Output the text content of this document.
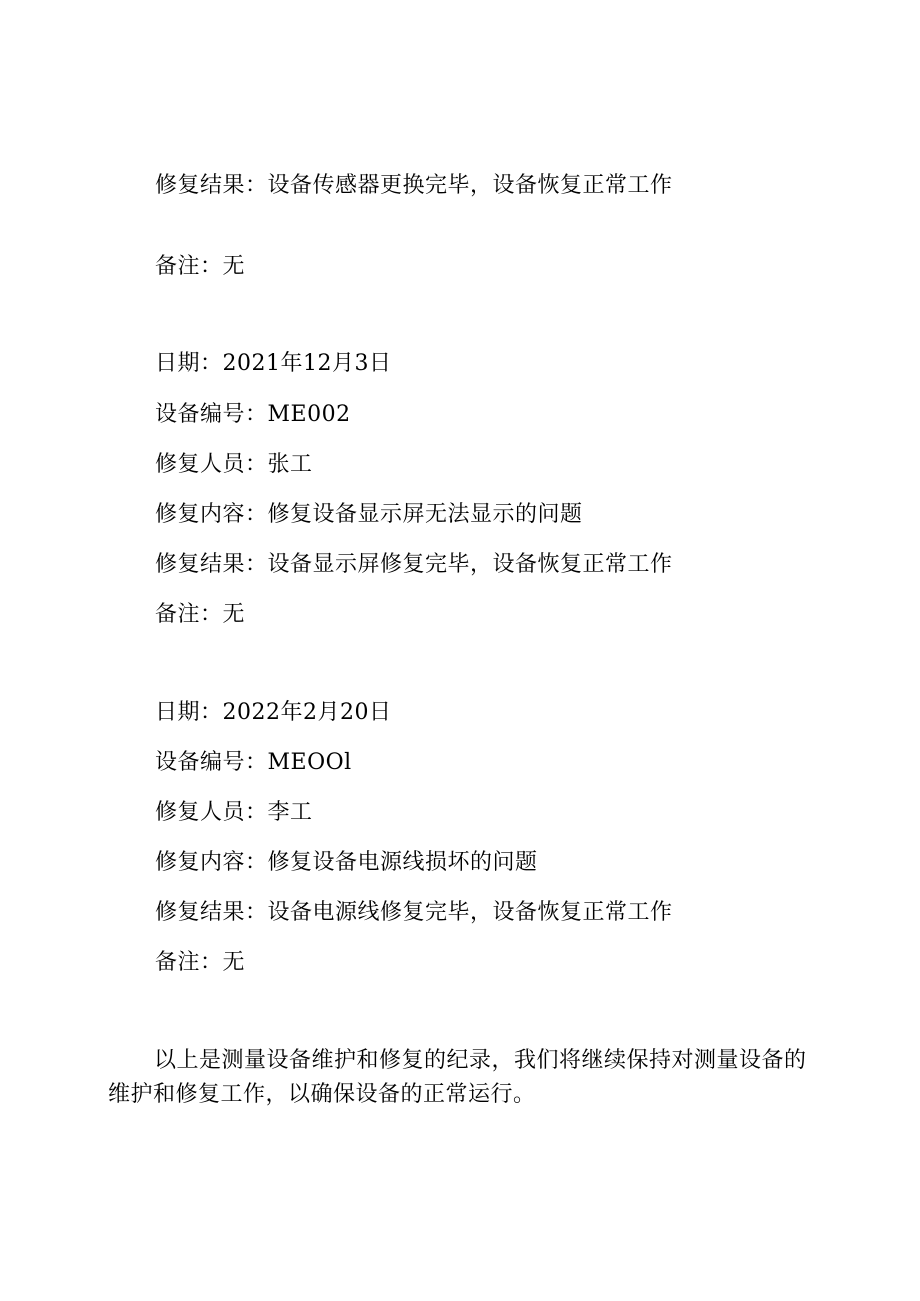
修复结果：设备传感器更换完毕，设备恢复正常工作
备注：无
日期：2021年12月3日
设备编号：ME002
修复人员：张工
修复内容：修复设备显示屏无法显示的问题
修复结果：设备显示屏修复完毕，设备恢复正常工作
备注：无
日期：2022年2月20日
设备编号：MEOOl
修复人员：李工
修复内容：修复设备电源线损坏的问题
修复结果：设备电源线修复完毕，设备恢复正常工作
备注：无
以上是测量设备维护和修复的纪录，我们将继续保持对测量设备的维护和修复工作，以确保设备的正常运行。
